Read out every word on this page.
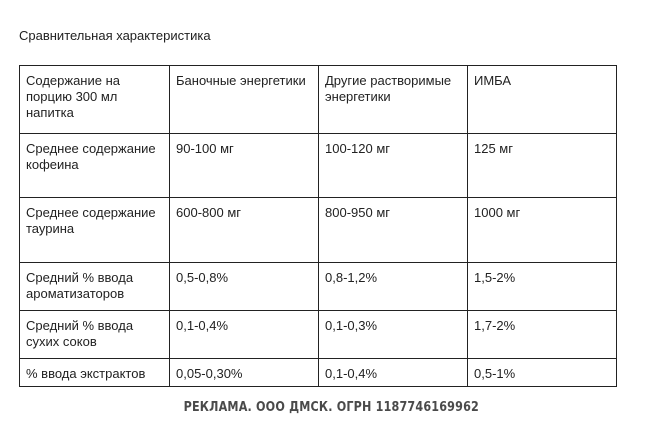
Сравнительная характеристика
Содержание на порцию 300 мл напитка	Баночные энергетики	Другие растворимые энергетики	ИМБА
Среднее содержание кофеина	90-100 мг	100-120 мг	125 мг
Среднее содержание таурина	600-800 мг	800-950 мг	1000 мг
Средний % ввода ароматизаторов	0,5-0,8%	0,8-1,2%	1,5-2%
Средний % ввода сухих соков	0,1-0,4%	0,1-0,3%	1,7-2%
% ввода экстрактов	0,05-0,30%	0,1-0,4%	0,5-1%
РЕКЛАМА. ООО ДМСК. ОГРН 1187746169962
